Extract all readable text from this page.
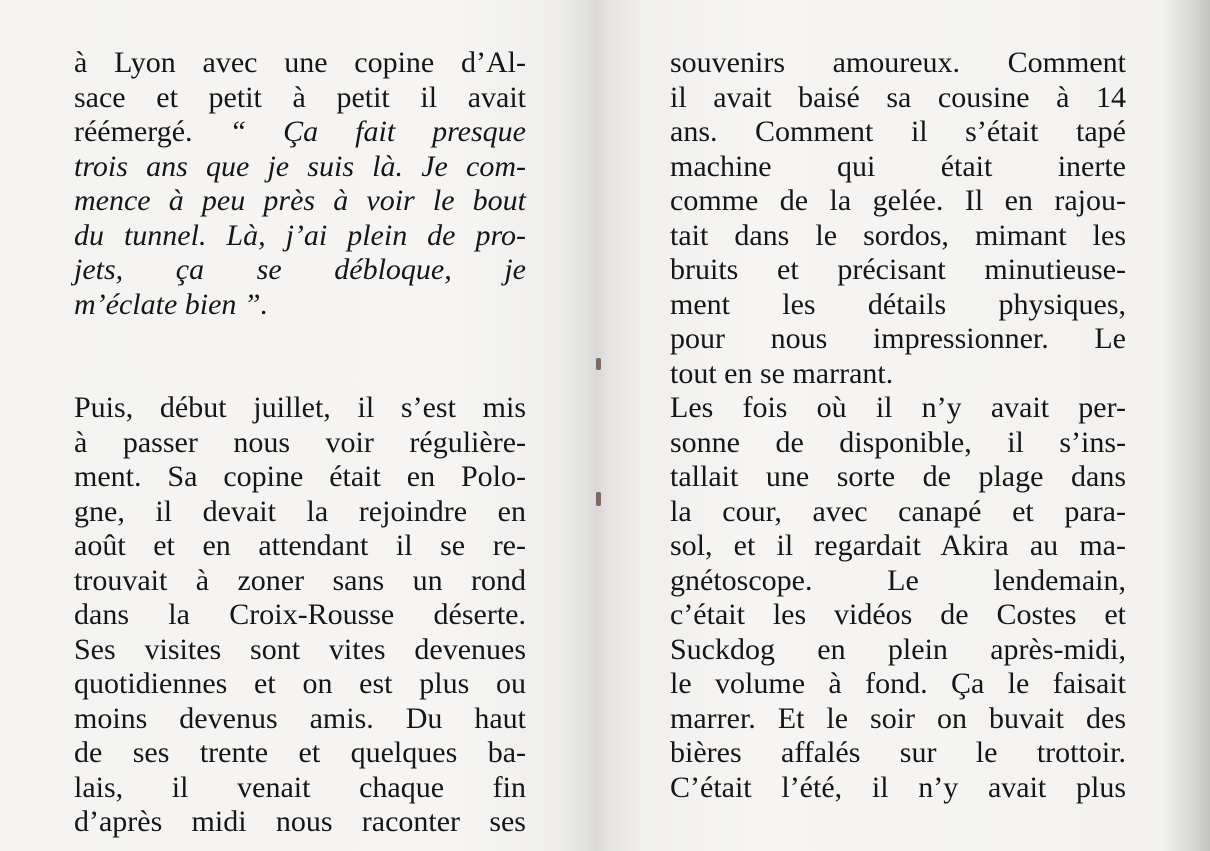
à Lyon avec une copine d’Al-
sace et petit à petit il avait
réémergé. “ Ça fait presque
trois ans que je suis là. Je com-
mence à peu près à voir le bout
du tunnel. Là, j’ai plein de pro-
jets, ça se débloque, je
m’éclate bien ”.
Puis, début juillet, il s’est mis
à passer nous voir régulière-
ment. Sa copine était en Polo-
gne, il devait la rejoindre en
août et en attendant il se re-
trouvait à zoner sans un rond
dans la Croix-Rousse déserte.
Ses visites sont vites devenues
quotidiennes et on est plus ou
moins devenus amis. Du haut
de ses trente et quelques ba-
lais, il venait chaque fin
d’après midi nous raconter ses
souvenirs amoureux. Comment
il avait baisé sa cousine à 14
ans. Comment il s’était tapé
machine qui était inerte
comme de la gelée. Il en rajou-
tait dans le sordos, mimant les
bruits et précisant minutieuse-
ment les détails physiques,
pour nous impressionner. Le
tout en se marrant.
Les fois où il n’y avait per-
sonne de disponible, il s’ins-
tallait une sorte de plage dans
la cour, avec canapé et para-
sol, et il regardait Akira au ma-
gnétoscope. Le lendemain,
c’était les vidéos de Costes et
Suckdog en plein après-midi,
le volume à fond. Ça le faisait
marrer. Et le soir on buvait des
bières affalés sur le trottoir.
C’était l’été, il n’y avait plus
